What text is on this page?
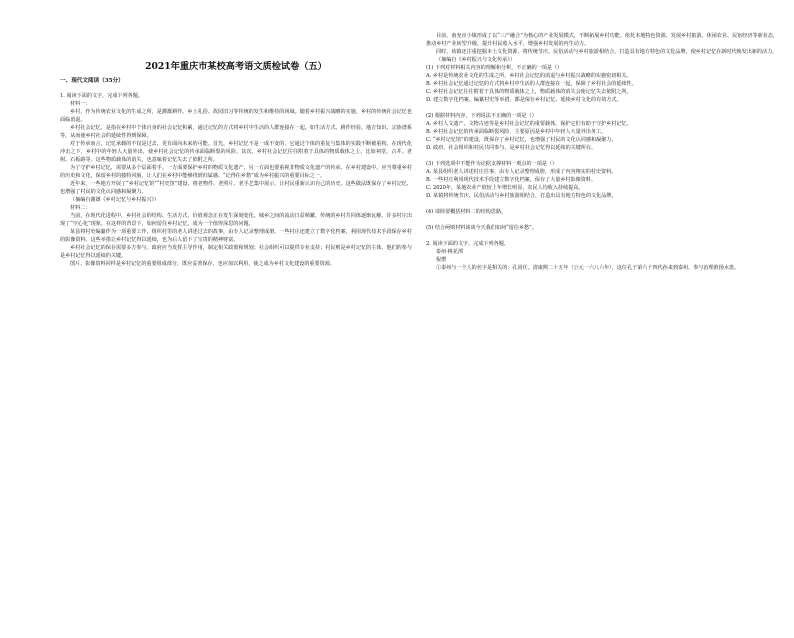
2021年重庆市某校高考语文质检试卷（五）

一、现代文阅读（35分）

1. 阅读下面的文字，完成下列各题。

材料一：

乡村，作为传统农业文化的生成之所，是灌溉耕作、乡土礼俗、故园旧习等传统的发生和维持的场域。随着乡村振兴战略的实施，乡村的传统社会记忆也面临消退。

乡村社会记忆，是指在乡村中个体自身的社会记忆积累，通过记忆的方式将乡村中生活的人群连接在一起，如生活方式、耕作经验、地方知识、宗族谱系等，从而使乡村社会的延续性得到保障。

对于传承而言，记忆承载的不仅是过去，更有面向未来的可能。首先，乡村记忆不是一成不变的，它通过个体的重复与集体的实践不断被重构。在现代化冲击之下，乡村中的年轻人大量外出，使乡村社会记忆的传承面临断裂的风险。其次，乡村社会记忆往往附着于具体的物质载体之上，比如祠堂、古井、老树、石板路等。这些物质载体的消失，也意味着记忆失去了依附之所。

为了守护乡村记忆，需要从多个层面着手。一方面要保护乡村的物质文化遗产，另一方面也要重视非物质文化遗产的传承。在乡村建设中，应当尊重乡村的历史和文化，保留乡村的独特风貌，让人们在乡村中能够找到归属感。“记得住乡愁”成为乡村振兴的重要目标之一。

近年来，一些地方开展了“乡村记忆馆”“村史馆”建设，将老物件、老照片、老手艺集中展示，让村民重新认识自己的历史。这些做法既保存了乡村记忆，也增强了村民的文化认同感和凝聚力。

（摘编自谢雄《乡村记忆与乡村振兴》）

材料二：

当前，在现代化进程中，乡村社会的结构、生活方式、价值观念正在发生深刻变化。城乡之间的流动日益频繁，传统的乡村共同体逐渐瓦解，许多村庄出现了“空心化”现象。在这样的背景下，如何留住乡村记忆，成为一个值得深思的问题。

某县将村史编纂作为一项重要工作，组织村里的老人讲述过去的故事，由专人记录整理成册。一些村庄还建立了数字化档案，利用现代技术手段保存乡村的影像资料。这些举措让乡村记忆得以延续，也为后人留下了宝贵的精神财富。

乡村社会记忆的保存需要多方参与。政府应当发挥主导作用，制定相关政策和规划；社会组织可以提供专业支持；村民则是乡村记忆的主体，他们的参与是乡村记忆得以延续的关键。

图片、影像资料同样是乡村记忆的重要组成部分，既应妥善保存，也应加以利用，使之成为乡村文化建设的重要资源。

目前，南充市小镇形成了以“三产融合”为核心的产业发展模式，不断拓展乡村功能。依托本地特色资源，发展乡村旅游、休闲农业、民宿经济等新业态，推动乡村产业转型升级，提升村民收入水平，增强乡村发展的内生动力。

同时，该镇还注重挖掘本土文化资源，将传统节庆、民俗活动与乡村旅游相结合，打造具有地方特色的文化品牌，使乡村记忆在新时代焕发出新的活力。

（摘编自《乡村振兴与文化传承》）

(1) 下列对材料相关内容的理解和分析，不正确的一项是（）

A. 乡村是传统农业文化的生成之所，乡村社会记忆的消退与乡村振兴战略的实施密切相关。

B. 乡村社会记忆通过记忆的方式将乡村中生活的人群连接在一起，保障了乡村社会的延续性。

C. 乡村社会记忆往往附着于具体的物质载体之上，物质载体的消失会使记忆失去依附之所。

D. 建立数字化档案、编纂村史等举措，都是保存乡村记忆、延续乡村文化的有效方式。

(2) 根据材料内容，下列说法不正确的一项是（）

A. 乡村人文遗产、文物古迹等是乡村社会记忆的重要载体，保护它们有助于守护乡村记忆。

B. 乡村社会记忆的传承面临断裂风险，主要原因是乡村中年轻人大量外出务工。

C. “乡村记忆馆”的建设，既保存了乡村记忆，也增强了村民的文化认同感和凝聚力。

D. 政府、社会组织和村民共同参与，是乡村社会记忆得以延续的关键所在。

(3) 下列选项中不能作为论据支撑材料一观点的一项是（）

A. 某县组织老人讲述村庄往事，由专人记录整理成册，形成了内容翔实的村史资料。

B. 一些村庄利用现代技术手段建立数字化档案，保存了大量乡村影像资料。

C. 2020年，某地农业产值较上年增长明显，农民人均收入持续提高。

D. 某镇将传统节庆、民俗活动与乡村旅游相结合，打造出具有地方特色的文化品牌。

(4) 请简要概括材料二的结构思路。

(5) 结合两则材料谈谈今天我们如何“留住乡愁”。

2. 阅读下面的文字，完成下列各题。

泰州·桃花潭

倪瓒

①泰州与一个人的名字是相关的：孔尚任。清康熙二十五年（公元一六八六年），这位孔子第六十四代孙来到泰州，参与治理淮扬水患。
